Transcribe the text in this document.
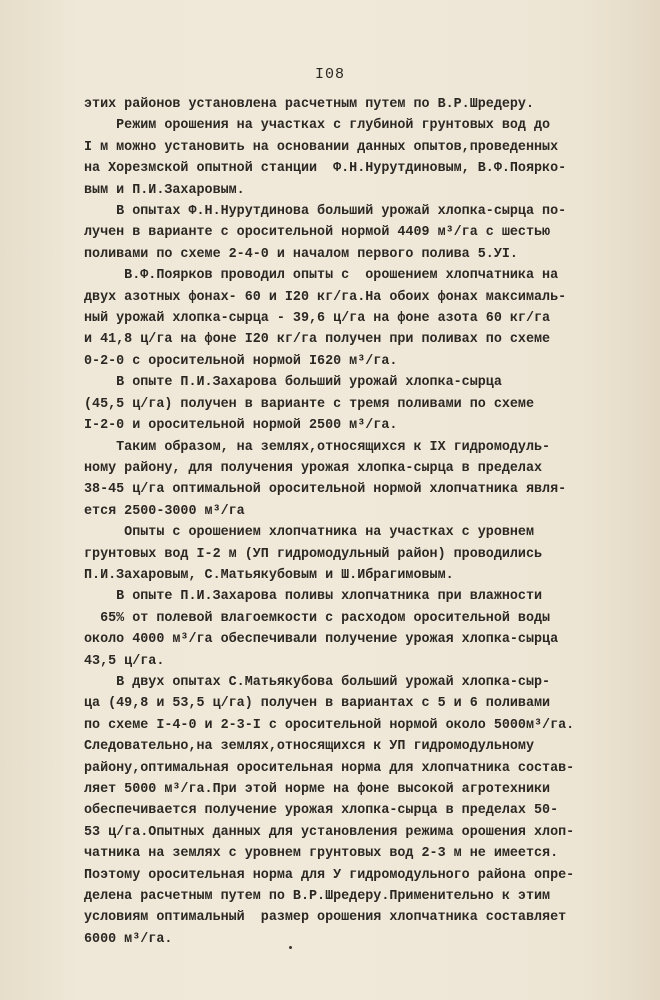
I08
этих районов установлена расчетным путем по В.Р.Шредеру.
Режим орошения на участках с глубиной грунтовых вод до
I м можно установить на основании данных опытов,проведенных
на Хорезмской опытной станции  Ф.Н.Нурутдиновым, В.Ф.Поярко-
вым и П.И.Захаровым.
В опытах Ф.Н.Нурутдинова больший урожай хлопка-сырца по-
лучен в варианте с оросительной нормой 4409 м³/га с шестью
поливами по схеме 2-4-0 и началом первого полива 5.УI.
В.Ф.Поярков проводил опыты с  орошением хлопчатника на
двух азотных фонах- 60 и I20 кг/га.На обоих фонах максималь-
ный урожай хлопка-сырца - 39,6 ц/га на фоне азота 60 кг/га
и 41,8 ц/га на фоне I20 кг/га получен при поливах по схеме
0-2-0 с оросительной нормой I620 м³/га.
В опыте П.И.Захарова больший урожай хлопка-сырца
(45,5 ц/га) получен в варианте с тремя поливами по схеме
I-2-0 и оросительной нормой 2500 м³/га.
Таким образом, на землях,относящихся к IX гидромодуль-
ному району, для получения урожая хлопка-сырца в пределах
38-45 ц/га оптимальной оросительной нормой хлопчатника явля-
ется 2500-3000 м³/га
Опыты с орошением хлопчатника на участках с уровнем
грунтовых вод I-2 м (УП гидромодульный район) проводились
П.И.Захаровым, С.Матьякубовым и Ш.Ибрагимовым.
В опыте П.И.Захарова поливы хлопчатника при влажности
65% от полевой влагоемкости с расходом оросительной воды
около 4000 м³/га обеспечивали получение урожая хлопка-сырца
43,5 ц/га.
В двух опытах С.Матьякубова больший урожай хлопка-сыр-
ца (49,8 и 53,5 ц/га) получен в вариантах с 5 и 6 поливами
по схеме I-4-0 и 2-3-I с оросительной нормой около 5000м³/га.
Следовательно,на землях,относящихся к УП гидромодульному
району,оптимальная оросительная норма для хлопчатника состав-
ляет 5000 м³/га.При этой норме на фоне высокой агротехники
обеспечивается получение урожая хлопка-сырца в пределах 50-
53 ц/га.Опытных данных для установления режима орошения хлоп-
чатника на землях с уровнем грунтовых вод 2-3 м не имеется.
Поэтому оросительная норма для У гидромодульного района опре-
делена расчетным путем по В.Р.Шредеру.Применительно к этим
условиям оптимальный  размер орошения хлопчатника составляет
6000 м³/га.
